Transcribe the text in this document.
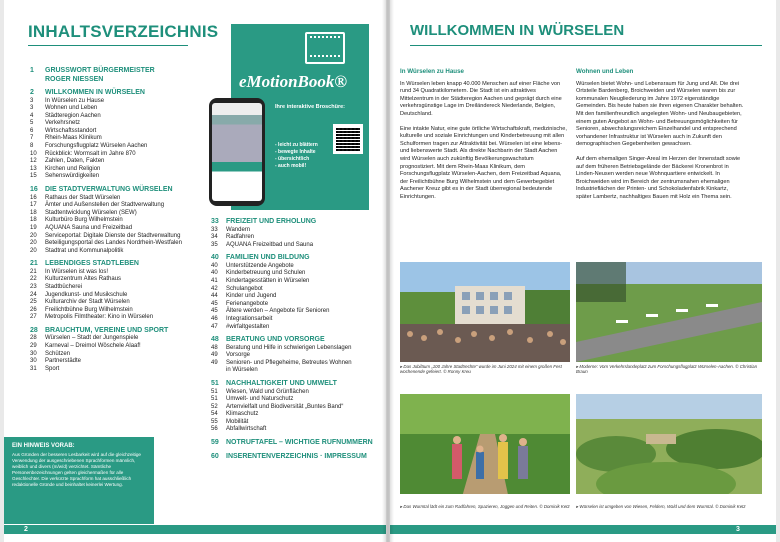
INHALTSVERZEICHNIS
1	GRUSSWORT BÜRGERMEISTER
ROGER NIESSEN
2	WILLKOMMEN IN WÜRSELEN
3	In Würselen zu Hause
3	Wohnen und Leben
4	Städteregion Aachen
5	Verkehrsnetz
6	Wirtschaftsstandort
7	Rhein-Maas Klinikum
8	Forschungsflugplatz Würselen Aachen
10	Rückblick: Wormsalt im Jahre 870
12	Zahlen, Daten, Fakten
13	Kirchen und Religion
15	Sehenswürdigkeiten
16	DIE STADTVERWALTUNG WÜRSELEN
16	Rathaus der Stadt Würselen
17	Ämter und Außenstellen der Stadtverwaltung
18	Stadtentwicklung Würselen (SEW)
18	Kulturbüro Burg Wilhelmstein
19	AQUANA Sauna und Freizeitbad
20	Serviceportal: Digitale Dienste der Stadtverwaltung
20	Beteiligungsportal des Landes Nordrhein-Westfalen
20	Stadtrat und Kommunalpolitik
21	LEBENDIGES STADTLEBEN
21	In Würselen ist was los!
22	Kulturzentrum Altes Rathaus
23	Stadtbücherei
24	Jugendkunst- und Musikschule
25	Kulturarchiv der Stadt Würselen
26	Freilichtbühne Burg Wilhelmstein
27	Metropolis Filmtheater: Kino in Würselen
28	BRAUCHTUM, VEREINE UND SPORT
28	Würselen – Stadt der Jungenspiele
29	Karneval – Dreimol Wöschele Alaaf!
30	Schützen
30	Partnerstädte
31	Sport
33	FREIZEIT UND ERHOLUNG
33	Wandern
34	Radfahren
35	AQUANA Freizeitbad und Sauna
40	FAMILIEN UND BILDUNG
40	Unterstützende Angebote
40	Kinderbetreuung und Schulen
41	Kindertagesstätten in Würselen
42	Schulangebot
44	Kinder und Jugend
45	Ferienangebote
45	Ältere werden – Angebote für Senioren
46	Integrationsarbeit
47	#wirfaltgestalten
48	BERATUNG UND VORSORGE
48	Beratung und Hilfe in schwierigen Lebenslagen
49	Vorsorge
49	Senioren- und Pflegeheime, Betreutes Wohnen
in Würselen
51	NACHHALTIGKEIT UND UMWELT
51	Wiesen, Wald und Grünflächen
51	Umwelt- und Naturschutz
52	Artenvielfalt und Biodiversität „Buntes Band“
54	Klimaschutz
55	Mobilität
56	Abfallwirtschaft
59	NOTRUFTAFEL – WICHTIGE RUFNUMMERN
60	INSERENTENVERZEICHNIS · IMPRESSUM
eMotionBook®
Ihre interaktive Broschüre:
- leicht zu blättern
- bewegte Inhalte
- übersichtlich
- auch mobil!
EIN HINWEIS VORAB:

Aus Gründen der besseren Lesbarkeit wird auf die gleichzeitige Verwendung der ausgeschriebenen Sprachformen männlich, weiblich und divers (m/w/d) verzichtet. Sämtliche Personenbezeichnungen gelten gleichermaßen für alle Geschlechter. Die verkürzte Sprachform hat ausschließlich redaktionelle Gründe und beinhaltet keinerlei Wertung.

2
WILLKOMMEN IN WÜRSELEN
In Würselen zu Hause

In Würselen leben knapp 40.000 Menschen auf einer Fläche von rund 34 Quadratkilometern. Die Stadt ist ein attraktives Mittelzentrum in der Städteregion Aachen und geprägt durch eine verkehrsgünstige Lage im Dreiländereck Niederlande, Belgien, Deutschland.

Eine intakte Natur, eine gute örtliche Wirtschaftskraft, medizinische, kulturelle und soziale Einrichtungen und Kinderbetreuung mit allen Schulformen tragen zur Attraktivität bei. Würselen ist eine lebens- und liebenswerte Stadt. Als direkte Nachbarin der Stadt Aachen wird Würselen auch zukünftig Bevölkerungswachstum prognostiziert. Mit dem Rhein-Maas Klinikum, dem Forschungsflugplatz Würselen-Aachen, dem Freizeitbad Aquana, der Freilichtbühne Burg Wilhelmstein und dem Gewerbegebiet Aachener Kreuz gibt es in der Stadt überregional bedeutende Einrichtungen.

Wohnen und Leben

Würselen bietet Wohn- und Lebensraum für Jung und Alt. Die drei Ortsteile Bardenberg, Broichweiden und Würselen waren bis zur kommunalen Neugliederung im Jahre 1972 eigenständige Gemeinden. Bis heute haben sie ihren eigenen Charakter behalten. Mit den familienfreundlich angelegten Wohn- und Neubaugebieten, einem guten Angebot an Wohn- und Betreuungsmöglichkeiten für Senioren, abwechslungsreichem Einzelhandel und entsprechend vorhandener Infrastruktur ist Würselen auch in Zukunft den demographischen Gegebenheiten gewachsen.

Auf dem ehemaligen Singer-Areal im Herzen der Innenstadt sowie auf dem früheren Betriebsgelände der Bäckerei Kronenbrot in Linden-Neusen werden neue Wohnquartiere entwickelt. In Broichweiden wird im Bereich der zentrumsnahen ehemaligen Industrieflächen der Printen- und Schokoladenfabrik Kinkartz, später Lambertz, nachhaltiges Bauen mit Holz ein Thema sein.

▸ Das Jubiläum „100 Jahre Stadtrechte“ wurde im Juni 2024 mit einem großen Fest wochenende gefeiert. © Ronny Kreu
▸ Moderne: Vom Verkehrslandeplatz zum Forschungsflugplatz Würselen-Aachen. © Christian Braun
▸ Das Wurmtal lädt ein zum Radfahren, Spazieren, Joggen und Reiten. © Dominik Ketz ▸ Würselen ist umgeben von Wiesen, Feldern, Wald und dem Wurmtal. © Dominik Ketz
3
